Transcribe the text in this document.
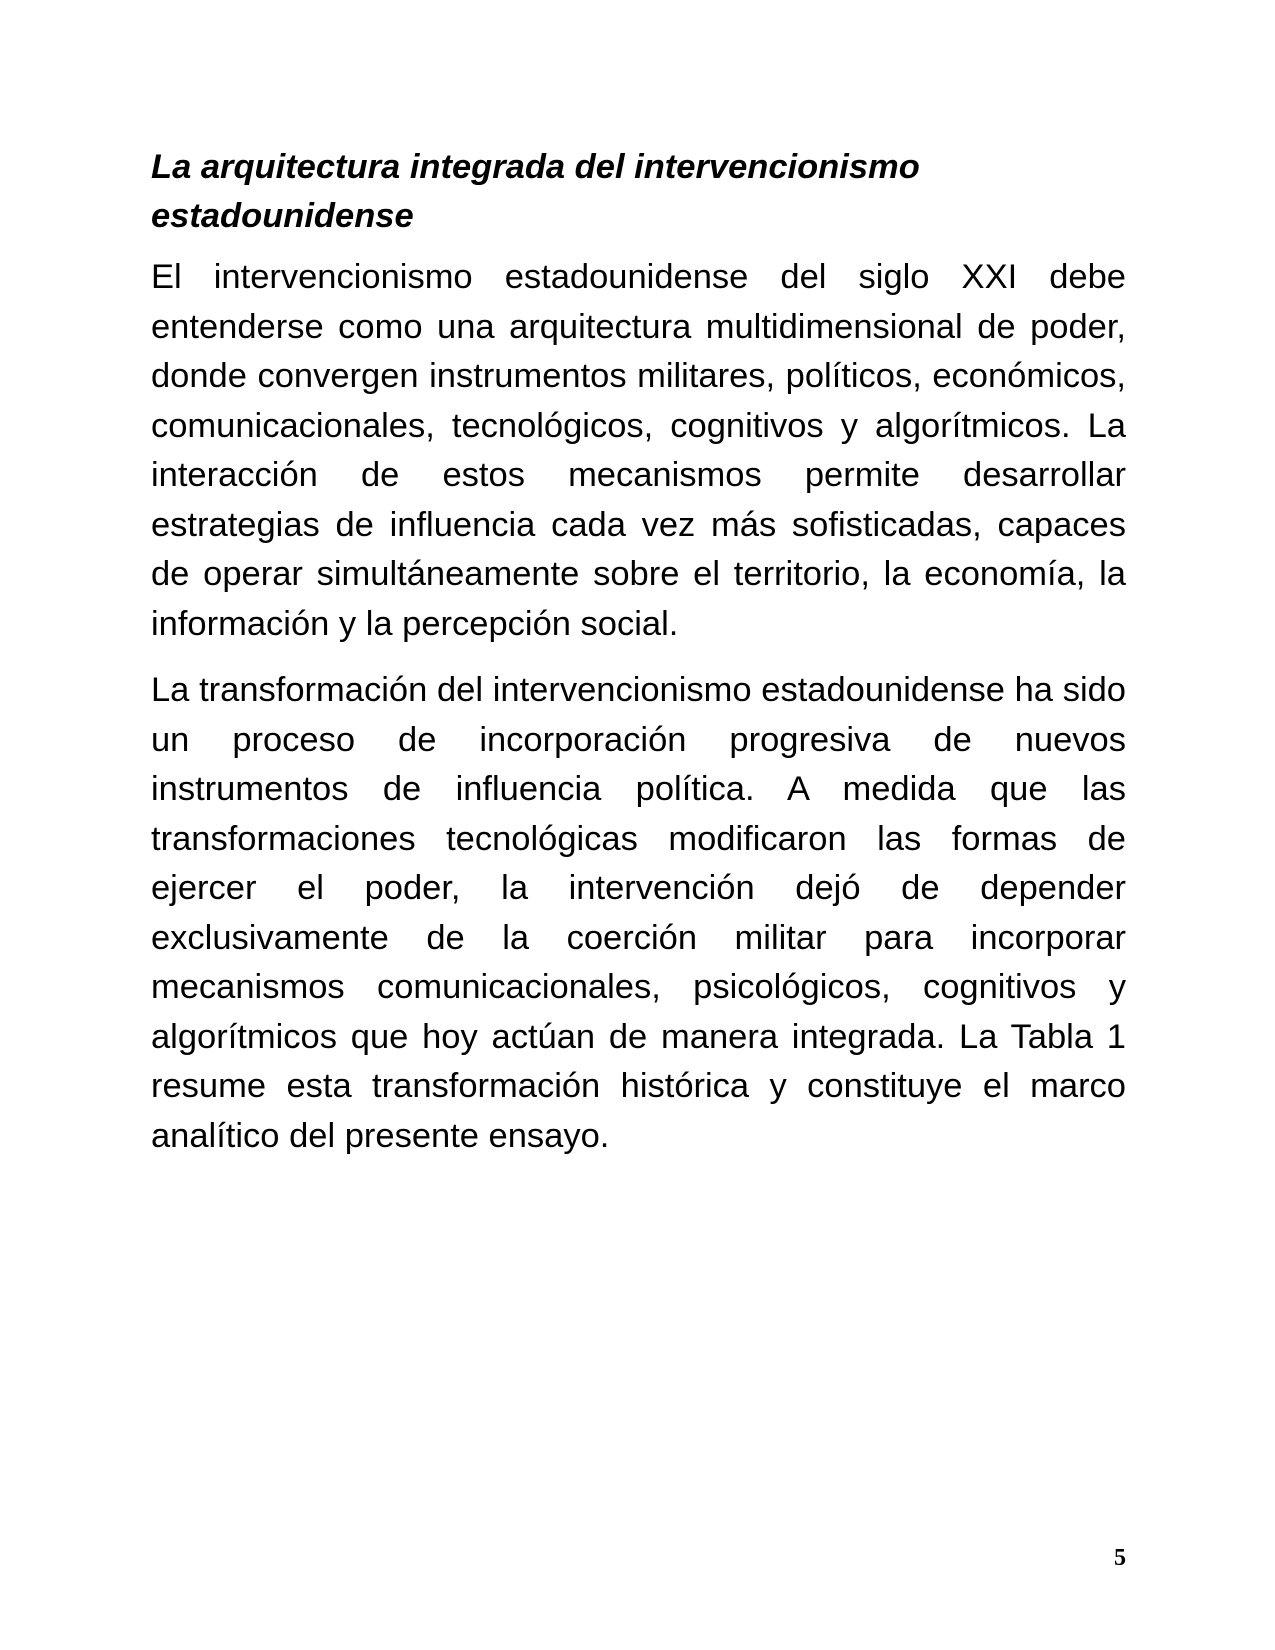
La arquitectura integrada del intervencionismo estadounidense

El intervencionismo estadounidense del siglo XXI debe entenderse como una arquitectura multidimensional de poder, donde convergen instrumentos militares, políticos, económicos, comunicacionales, tecnológicos, cognitivos y algorítmicos. La interacción de estos mecanismos permite desarrollar estrategias de influencia cada vez más sofisticadas, capaces de operar simultáneamente sobre el territorio, la economía, la información y la percepción social.

La transformación del intervencionismo estadounidense ha sido un proceso de incorporación progresiva de nuevos instrumentos de influencia política. A medida que las transformaciones tecnológicas modificaron las formas de ejercer el poder, la intervención dejó de depender exclusivamente de la coerción militar para incorporar mecanismos comunicacionales, psicológicos, cognitivos y algorítmicos que hoy actúan de manera integrada. La Tabla 1 resume esta transformación histórica y constituye el marco analítico del presente ensayo.

5
